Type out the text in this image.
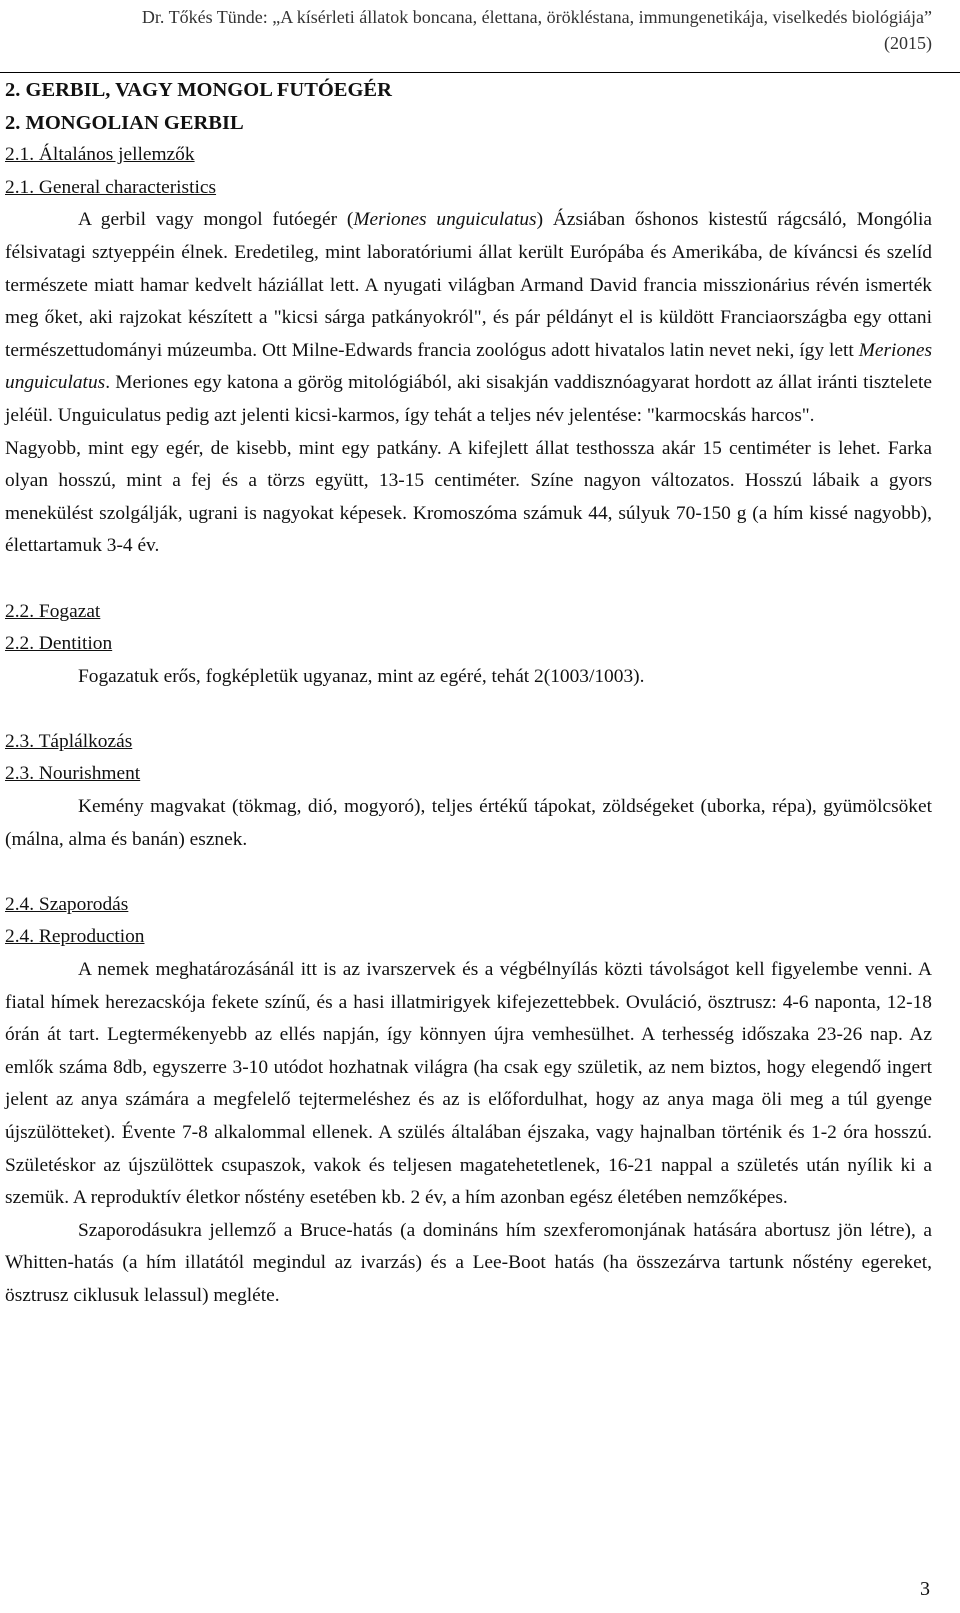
Dr. Tőkés Tünde: „A kísérleti állatok boncana, élettana, örökléstana, immungenetikája, viselkedés biológiája”
(2015)
2. GERBIL, VAGY MONGOL FUTÓEGÉR
2. MONGOLIAN GERBIL
2.1. Általános jellemzők
2.1. General characteristics

A gerbil vagy mongol futóegér (Meriones unguiculatus) Ázsiában őshonos kistestű rágcsáló, Mongólia félsivatagi sztyeppéin élnek. Eredetileg, mint laboratóriumi állat került Európába és Amerikába, de kíváncsi és szelíd természete miatt hamar kedvelt háziállat lett. A nyugati világban Armand David francia misszionárius révén ismerték meg őket, aki rajzokat készített a "kicsi sárga patkányokról", és pár példányt el is küldött Franciaországba egy ottani természettudományi múzeumba. Ott Milne-Edwards francia zoológus adott hivatalos latin nevet neki, így lett Meriones unguiculatus. Meriones egy katona a görög mitológiából, aki sisakján vaddisznóagyarat hordott az állat iránti tisztelete jeléül. Unguiculatus pedig azt jelenti kicsi-karmos, így tehát a teljes név jelentése: "karmocskás harcos".

Nagyobb, mint egy egér, de kisebb, mint egy patkány. A kifejlett állat testhossza akár 15 centiméter is lehet. Farka olyan hosszú, mint a fej és a törzs együtt, 13-15 centiméter. Színe nagyon változatos. Hosszú lábaik a gyors menekülést szolgálják, ugrani is nagyokat képesek. Kromoszóma számuk 44, súlyuk 70-150 g (a hím kissé nagyobb), élettartamuk 3-4 év.

2.2. Fogazat
2.2. Dentition

Fogazatuk erős, fogképletük ugyanaz, mint az egéré, tehát 2(1003/1003).

2.3. Táplálkozás
2.3. Nourishment

Kemény magvakat (tökmag, dió, mogyoró), teljes értékű tápokat, zöldségeket (uborka, répa), gyümölcsöket (málna, alma és banán) esznek.

2.4. Szaporodás
2.4. Reproduction

A nemek meghatározásánál itt is az ivarszervek és a végbélnyílás közti távolságot kell figyelembe venni. A fiatal hímek herezacskója fekete színű, és a hasi illatmirigyek kifejezettebbek. Ovuláció, ösztrusz: 4-6 naponta, 12-18 órán át tart. Legtermékenyebb az ellés napján, így könnyen újra vemhesülhet. A terhesség időszaka 23-26 nap. Az emlők száma 8db, egyszerre 3-10 utódot hozhatnak világra (ha csak egy születik, az nem biztos, hogy elegendő ingert jelent az anya számára a megfelelő tejtermeléshez és az is előfordulhat, hogy az anya maga öli meg a túl gyenge újszülötteket). Évente 7-8 alkalommal ellenek. A szülés általában éjszaka, vagy hajnalban történik és 1-2 óra hosszú. Születéskor az újszülöttek csupaszok, vakok és teljesen magatehetetlenek, 16-21 nappal a születés után nyílik ki a szemük. A reproduktív életkor nőstény esetében kb. 2 év, a hím azonban egész életében nemzőképes.

Szaporodásukra jellemző a Bruce-hatás (a domináns hím szexferomonjának hatására abortusz jön létre), a Whitten-hatás (a hím illatától megindul az ivarzás) és a Lee-Boot hatás (ha összezárva tartunk nőstény egereket, ösztrusz ciklusuk lelassul) megléte.

3
